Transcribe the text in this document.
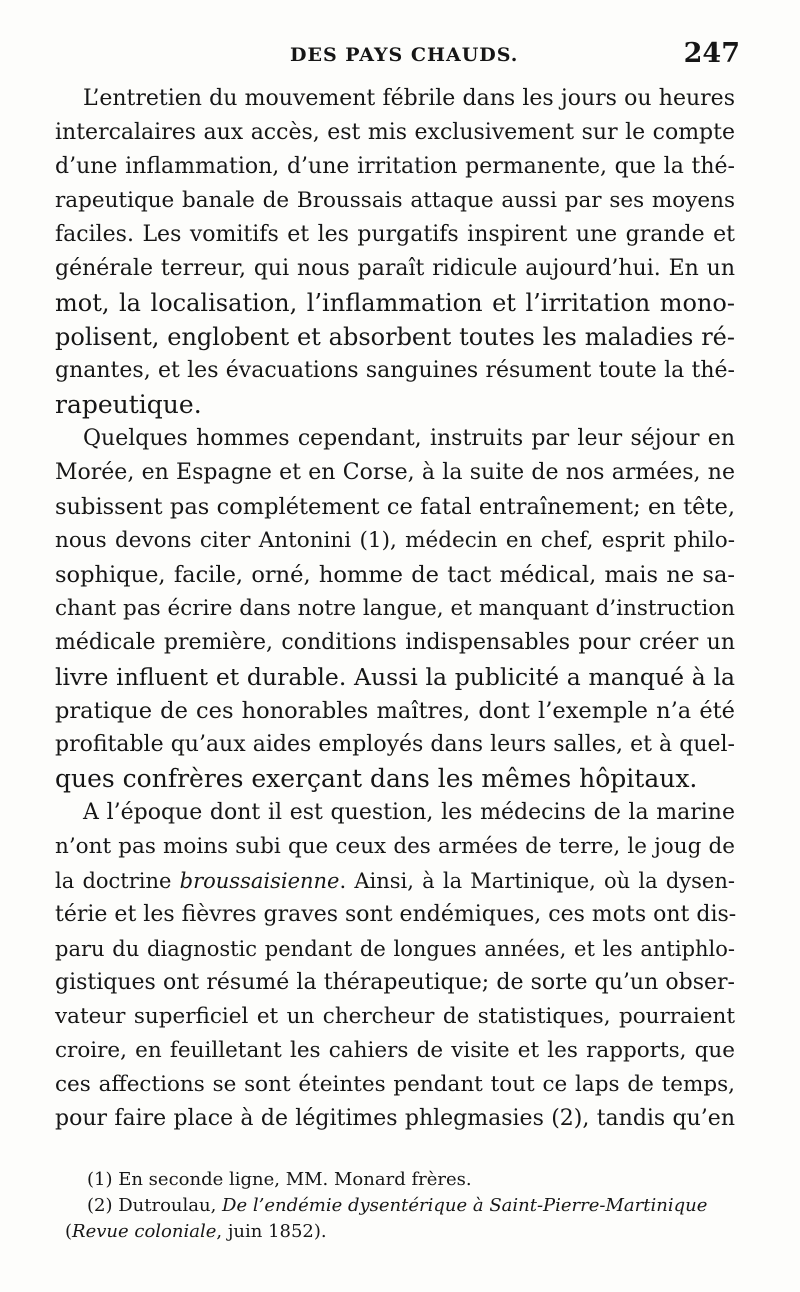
DES PAYS CHAUDS.	247
L’entretien du mouvement fébrile dans les jours ou heures
intercalaires aux accès, est mis exclusivement sur le compte
d’une inflammation, d’une irritation permanente, que la thé-
rapeutique banale de Broussais attaque aussi par ses moyens
faciles. Les vomitifs et les purgatifs inspirent une grande et
générale terreur, qui nous paraît ridicule aujourd’hui. En un
mot, la localisation, l’inflammation et l’irritation mono-
polisent, englobent et absorbent toutes les maladies ré-
gnantes, et les évacuations sanguines résument toute la thé-
rapeutique.
Quelques hommes cependant, instruits par leur séjour en
Morée, en Espagne et en Corse, à la suite de nos armées, ne
subissent pas complétement ce fatal entraînement; en tête,
nous devons citer Antonini (1), médecin en chef, esprit philo-
sophique, facile, orné, homme de tact médical, mais ne sa-
chant pas écrire dans notre langue, et manquant d’instruction
médicale première, conditions indispensables pour créer un
livre influent et durable. Aussi la publicité a manqué à la
pratique de ces honorables maîtres, dont l’exemple n’a été
profitable qu’aux aides employés dans leurs salles, et à quel-
ques confrères exerçant dans les mêmes hôpitaux.
A l’époque dont il est question, les médecins de la marine
n’ont pas moins subi que ceux des armées de terre, le joug de
la doctrine broussaisienne. Ainsi, à la Martinique, où la dysen-
térie et les fièvres graves sont endémiques, ces mots ont dis-
paru du diagnostic pendant de longues années, et les antiphlo-
gistiques ont résumé la thérapeutique; de sorte qu’un obser-
vateur superficiel et un chercheur de statistiques, pourraient
croire, en feuilletant les cahiers de visite et les rapports, que
ces affections se sont éteintes pendant tout ce laps de temps,
pour faire place à de légitimes phlegmasies (2), tandis qu’en
(1) En seconde ligne, MM. Monard frères.
(2) Dutroulau, De l’endémie dysentérique à Saint-Pierre-Martinique
(Revue coloniale, juin 1852).
